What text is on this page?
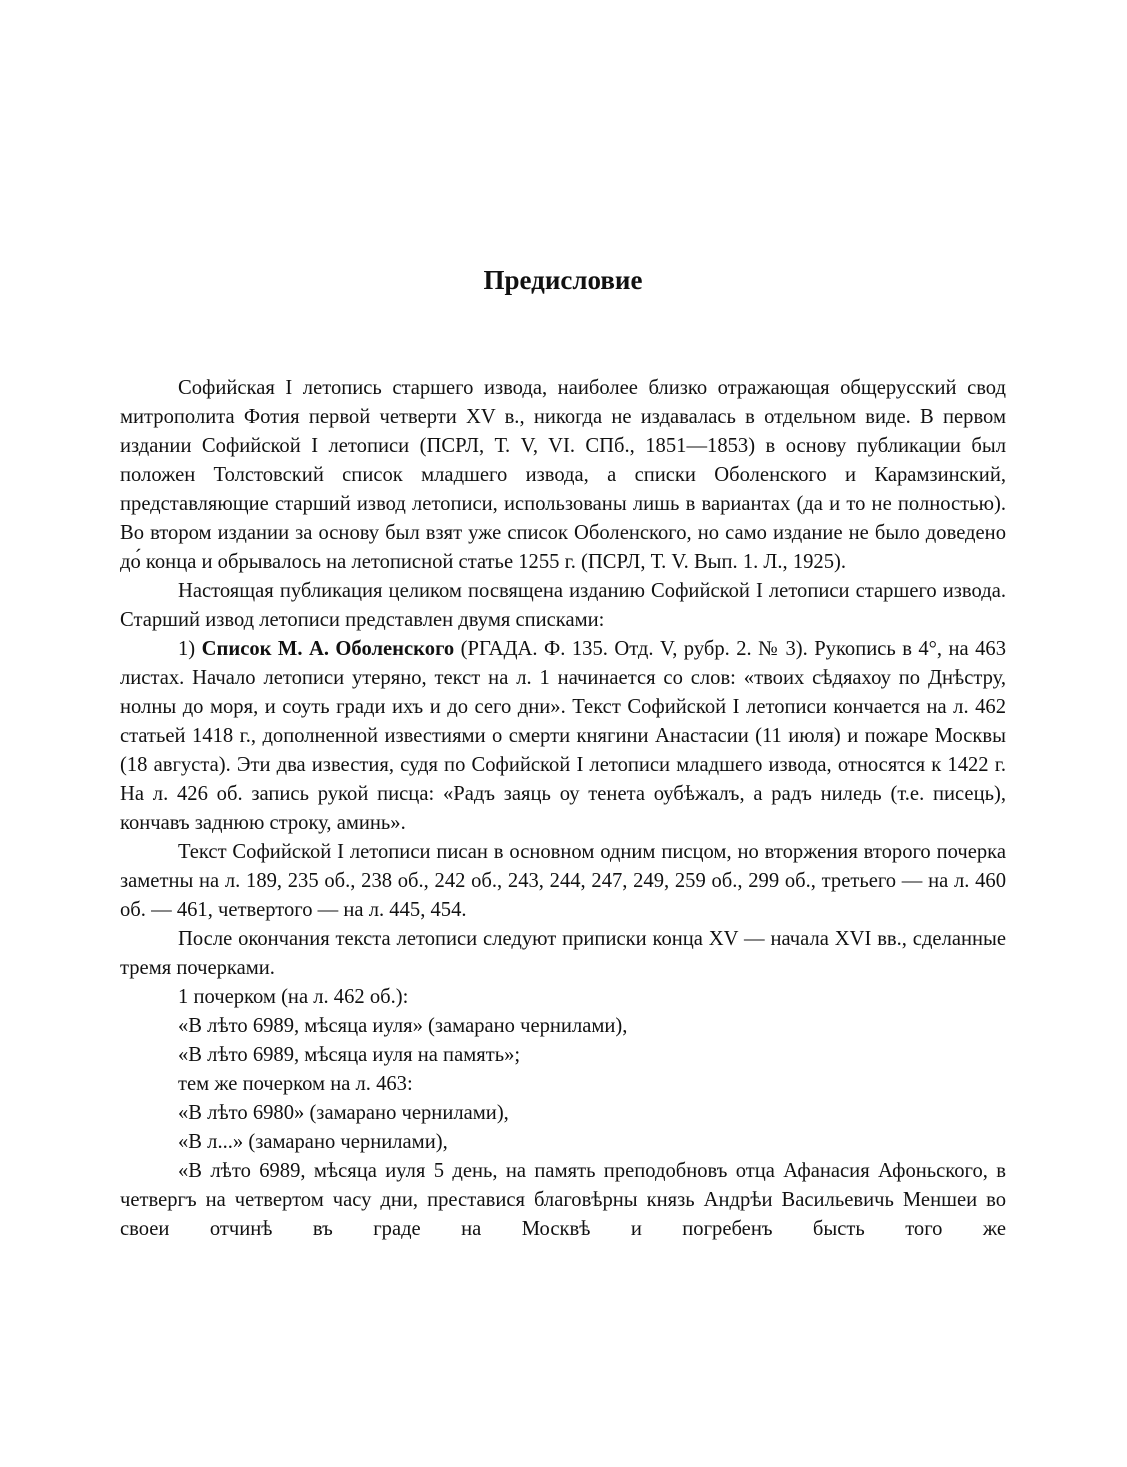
Предисловие

Софийская I летопись старшего извода, наиболее близко отражающая общерусский свод митрополита Фотия первой четверти XV в., никогда не издавалась в отдельном виде. В первом издании Софийской I летописи (ПСРЛ, Т. V, VI. СПб., 1851—1853) в основу публикации был положен Толстовский список младшего извода, а списки Оболенского и Карамзинский, представляющие старший извод летописи, использованы лишь в вариантах (да и то не полностью). Во втором издании за основу был взят уже список Оболенского, но само издание не было доведено до́ конца и обрывалось на летописной статье 1255 г. (ПСРЛ, Т. V. Вып. 1. Л., 1925).

Настоящая публикация целиком посвящена изданию Софийской I летописи старшего извода. Старший извод летописи представлен двумя списками:

1) Список М. А. Оболенского (РГАДА. Ф. 135. Отд. V, рубр. 2. № 3). Рукопись в 4°, на 463 листах. Начало летописи утеряно, текст на л. 1 начинается со слов: «твоих сѣдяахоу по Днѣстру, нолны до моря, и соуть гради ихъ и до сего дни». Текст Софийской I летописи кончается на л. 462 статьей 1418 г., дополненной известиями о смерти княгини Анастасии (11 июля) и пожаре Москвы (18 августа). Эти два известия, судя по Софийской I летописи младшего извода, относятся к 1422 г. На л. 426 об. запись рукой писца: «Радъ заяць оу тенета оубѣжалъ, а радъ ниледь (т.е. писець), кончавъ заднюю строку, аминь».

Текст Софийской I летописи писан в основном одним писцом, но вторжения второго почерка заметны на л. 189, 235 об., 238 об., 242 об., 243, 244, 247, 249, 259 об., 299 об., третьего — на л. 460 об. — 461, четвертого — на л. 445, 454.

После окончания текста летописи следуют приписки конца XV — начала XVI вв., сделанные тремя почерками.

1 почерком (на л. 462 об.):

«В лѣто 6989, мѣсяца иуля» (замарано чернилами),

«В лѣто 6989, мѣсяца иуля на память»;

тем же почерком на л. 463:

«В лѣто 6980» (замарано чернилами),

«В л...» (замарано чернилами),

«В лѣто 6989, мѣсяца иуля 5 день, на память преподобновъ отца Афанасия Афоньского, в четвергъ на четвертом часу дни, преставися благовѣрны князь Андрѣи Васильевичь Меншеи во своеи отчинѣ въ граде на Москвѣ и погребенъ бысть того же
